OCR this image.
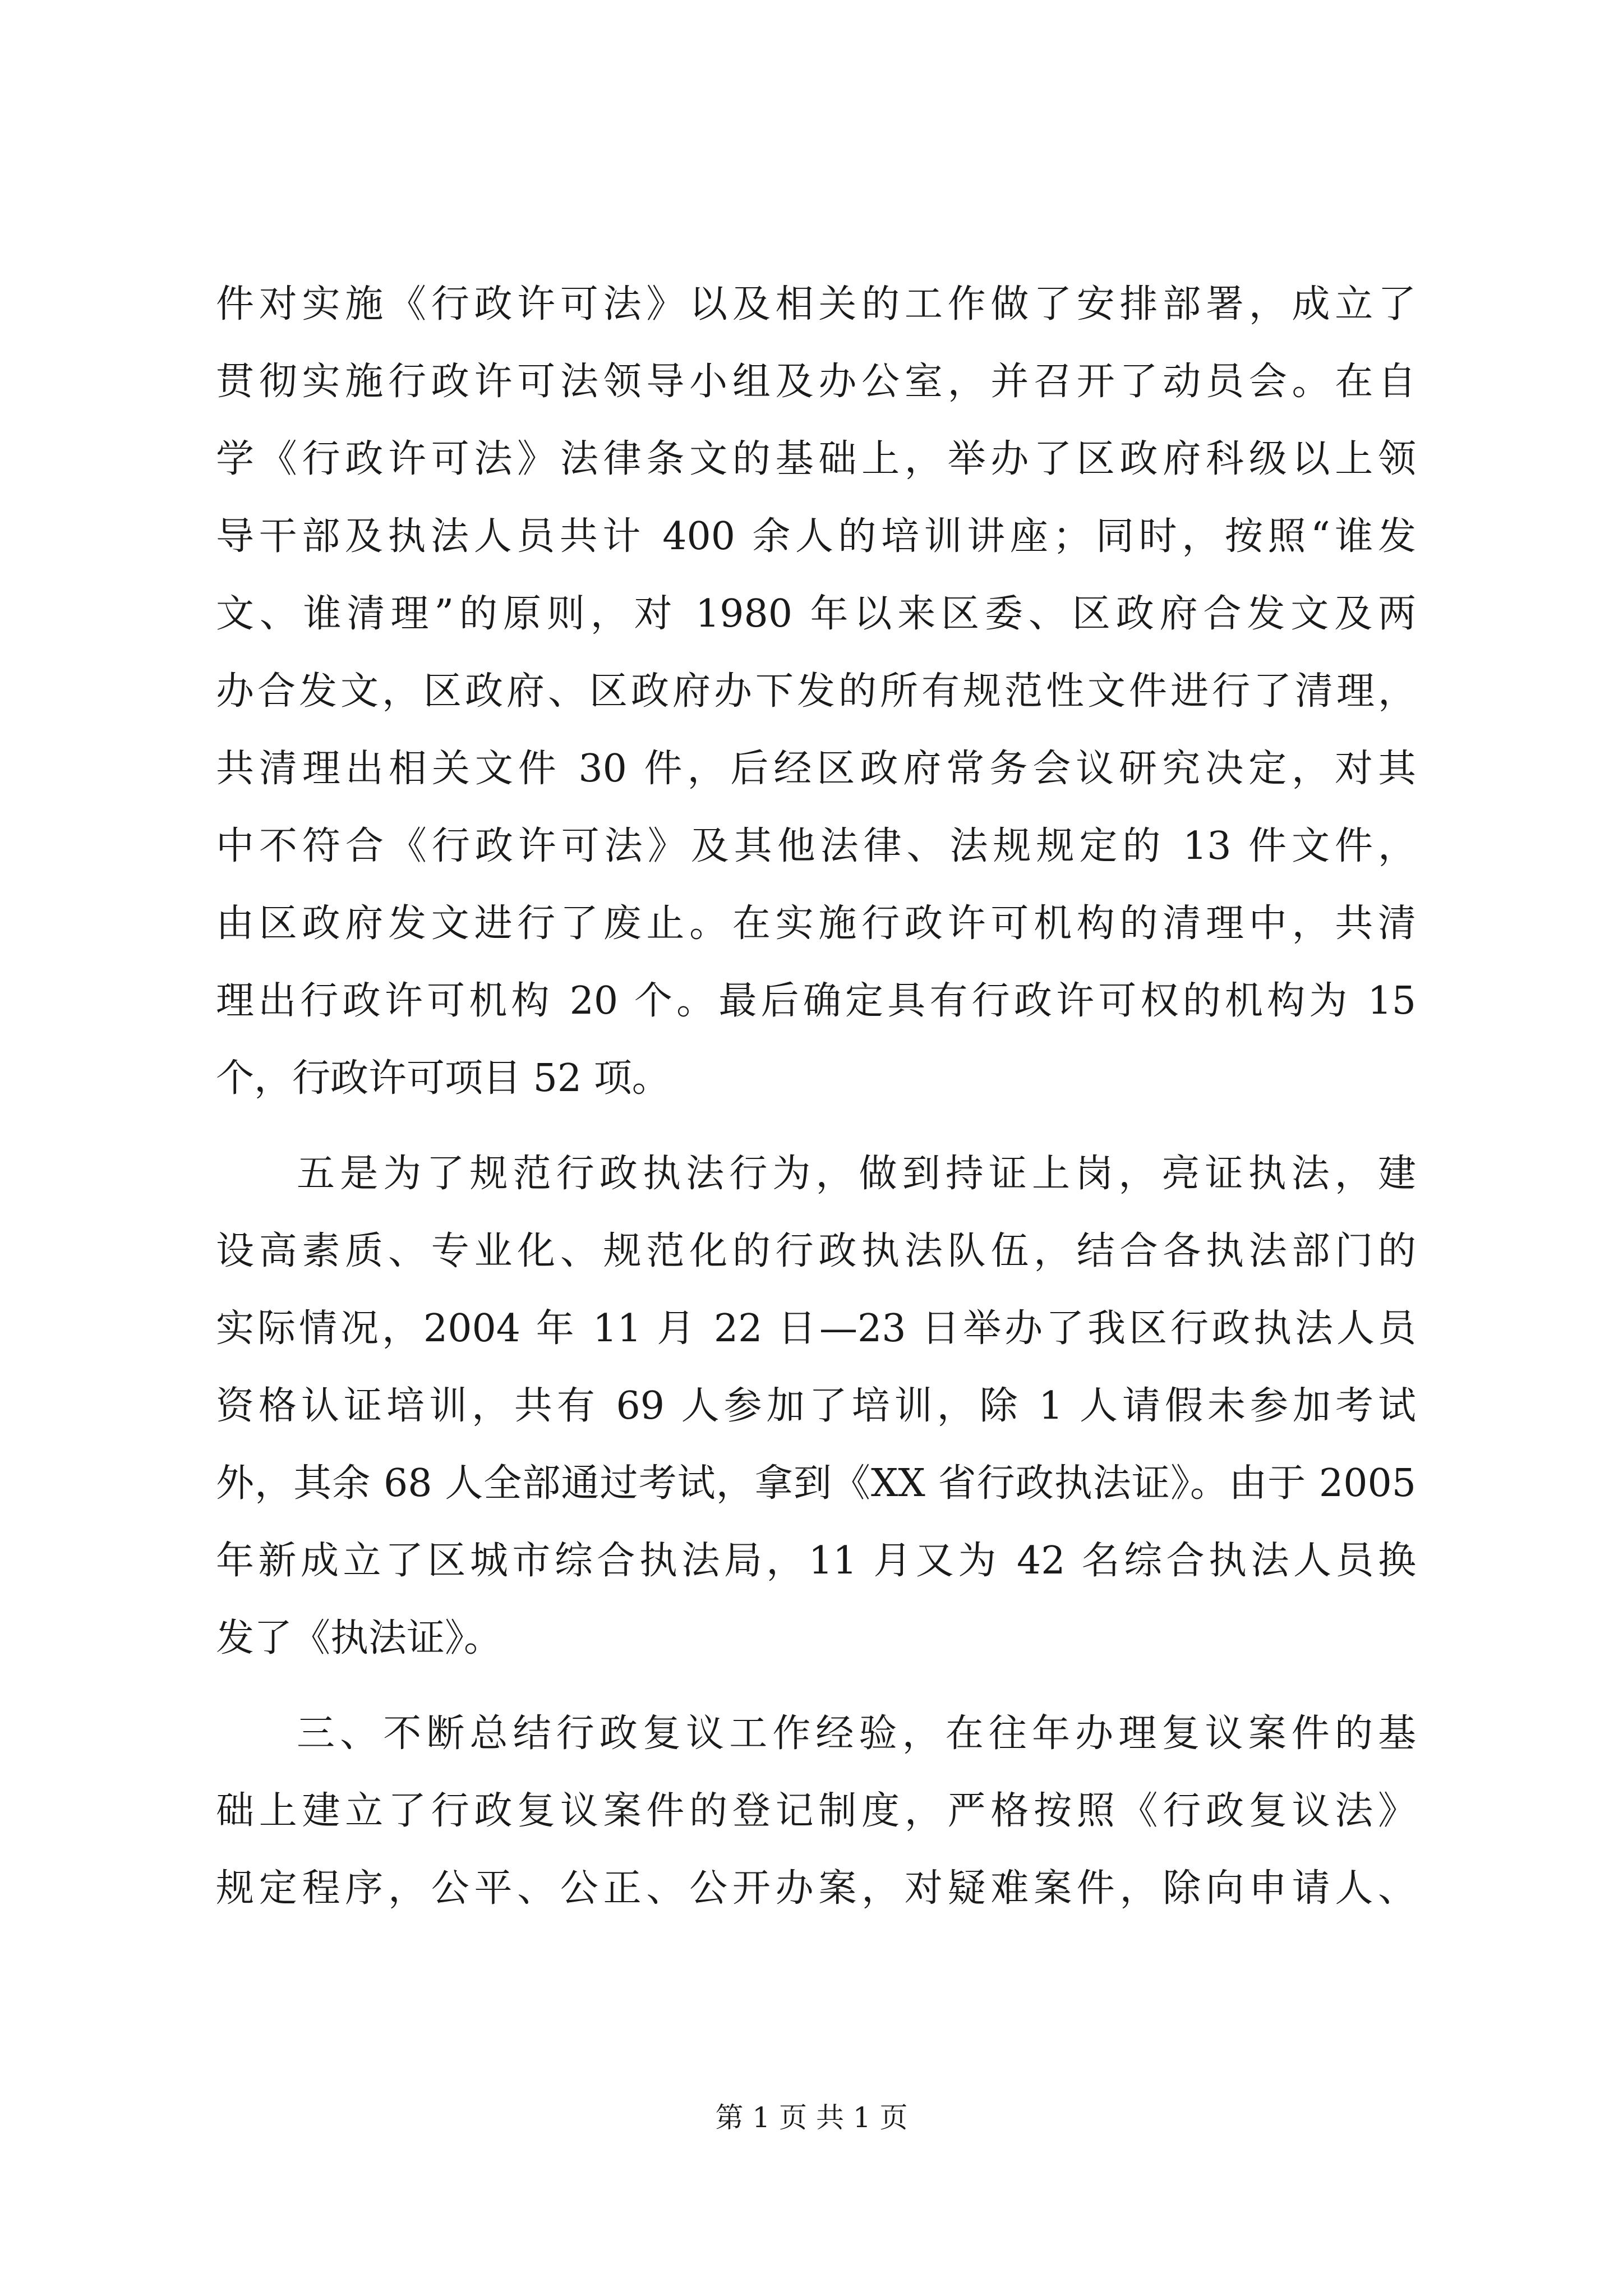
件对实施《行政许可法》以及相关的工作做了安排部署，成立了
贯彻实施行政许可法领导小组及办公室，并召开了动员会。在自
学《行政许可法》法律条文的基础上，举办了区政府科级以上领
导干部及执法人员共计 400 余人的培训讲座；同时，按照“谁发
文、谁清理”的原则，对 1980 年以来区委、区政府合发文及两
办合发文，区政府、区政府办下发的所有规范性文件进行了清理，
共清理出相关文件 30 件，后经区政府常务会议研究决定，对其
中不符合《行政许可法》及其他法律、法规规定的 13 件文件，
由区政府发文进行了废止。在实施行政许可机构的清理中，共清
理出行政许可机构 20 个。最后确定具有行政许可权的机构为 15
个，行政许可项目 52 项。
五是为了规范行政执法行为，做到持证上岗，亮证执法，建
设高素质、专业化、规范化的行政执法队伍，结合各执法部门的
实际情况，2004 年 11 月 22 日—23 日举办了我区行政执法人员
资格认证培训，共有 69 人参加了培训，除 1 人请假未参加考试
外，其余 68 人全部通过考试，拿到《XX 省行政执法证》。由于 2005
年新成立了区城市综合执法局，11 月又为 42 名综合执法人员换
发了《执法证》。
三、不断总结行政复议工作经验，在往年办理复议案件的基
础上建立了行政复议案件的登记制度，严格按照《行政复议法》
规定程序，公平、公正、公开办案，对疑难案件，除向申请人、
第 1 页 共 1 页
